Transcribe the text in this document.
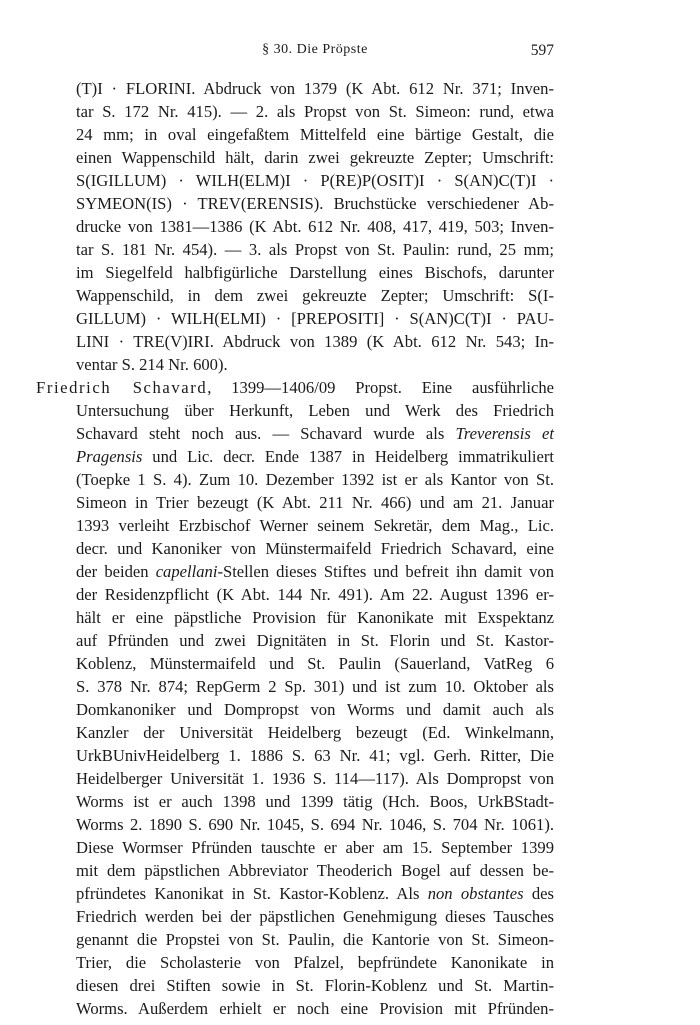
§ 30. Die Pröpste	597
(T)I · FLORINI. Abdruck von 1379 (K Abt. 612 Nr. 371; Inven-
tar S. 172 Nr. 415). — 2. als Propst von St. Simeon: rund, etwa
24 mm; in oval eingefaßtem Mittelfeld eine bärtige Gestalt, die
einen Wappenschild hält, darin zwei gekreuzte Zepter; Umschrift:
S(IGILLUM) · WILH(ELM)I · P(RE)P(OSIT)I · S(AN)C(T)I ·
SYMEON(IS) · TREV(ERENSIS). Bruchstücke verschiedener Ab-
drucke von 1381—1386 (K Abt. 612 Nr. 408, 417, 419, 503; Inven-
tar S. 181 Nr. 454). — 3. als Propst von St. Paulin: rund, 25 mm;
im Siegelfeld halbfigürliche Darstellung eines Bischofs, darunter
Wappenschild, in dem zwei gekreuzte Zepter; Umschrift: S(I-
GILLUM) · WILH(ELMI) · [PREPOSITI] · S(AN)C(T)I · PAU-
LINI · TRE(V)IRI. Abdruck von 1389 (K Abt. 612 Nr. 543; In-
ventar S. 214 Nr. 600).
Friedrich Schavard, 1399—1406/09 Propst. Eine ausführliche
Untersuchung über Herkunft, Leben und Werk des Friedrich
Schavard steht noch aus. — Schavard wurde als Treverensis et
Pragensis und Lic. decr. Ende 1387 in Heidelberg immatrikuliert
(Toepke 1 S. 4). Zum 10. Dezember 1392 ist er als Kantor von St.
Simeon in Trier bezeugt (K Abt. 211 Nr. 466) und am 21. Januar
1393 verleiht Erzbischof Werner seinem Sekretär, dem Mag., Lic.
decr. und Kanoniker von Münstermaifeld Friedrich Schavard, eine
der beiden capellani-Stellen dieses Stiftes und befreit ihn damit von
der Residenzpflicht (K Abt. 144 Nr. 491). Am 22. August 1396 er-
hält er eine päpstliche Provision für Kanonikate mit Exspektanz
auf Pfründen und zwei Dignitäten in St. Florin und St. Kastor-
Koblenz, Münstermaifeld und St. Paulin (Sauerland, VatReg 6
S. 378 Nr. 874; RepGerm 2 Sp. 301) und ist zum 10. Oktober als
Domkanoniker und Dompropst von Worms und damit auch als
Kanzler der Universität Heidelberg bezeugt (Ed. Winkelmann,
UrkBUnivHeidelberg 1. 1886 S. 63 Nr. 41; vgl. Gerh. Ritter, Die
Heidelberger Universität 1. 1936 S. 114—117). Als Dompropst von
Worms ist er auch 1398 und 1399 tätig (Hch. Boos, UrkBStadt-
Worms 2. 1890 S. 690 Nr. 1045, S. 694 Nr. 1046, S. 704 Nr. 1061).
Diese Wormser Pfründen tauschte er aber am 15. September 1399
mit dem päpstlichen Abbreviator Theoderich Bogel auf dessen be-
pfründetes Kanonikat in St. Kastor-Koblenz. Als non obstantes des
Friedrich werden bei der päpstlichen Genehmigung dieses Tausches
genannt die Propstei von St. Paulin, die Kantorie von St. Simeon-
Trier, die Scholasterie von Pfalzel, bepfründete Kanonikate in
diesen drei Stiften sowie in St. Florin-Koblenz und St. Martin-
Worms. Außerdem erhielt er noch eine Provision mit Pfründen-
